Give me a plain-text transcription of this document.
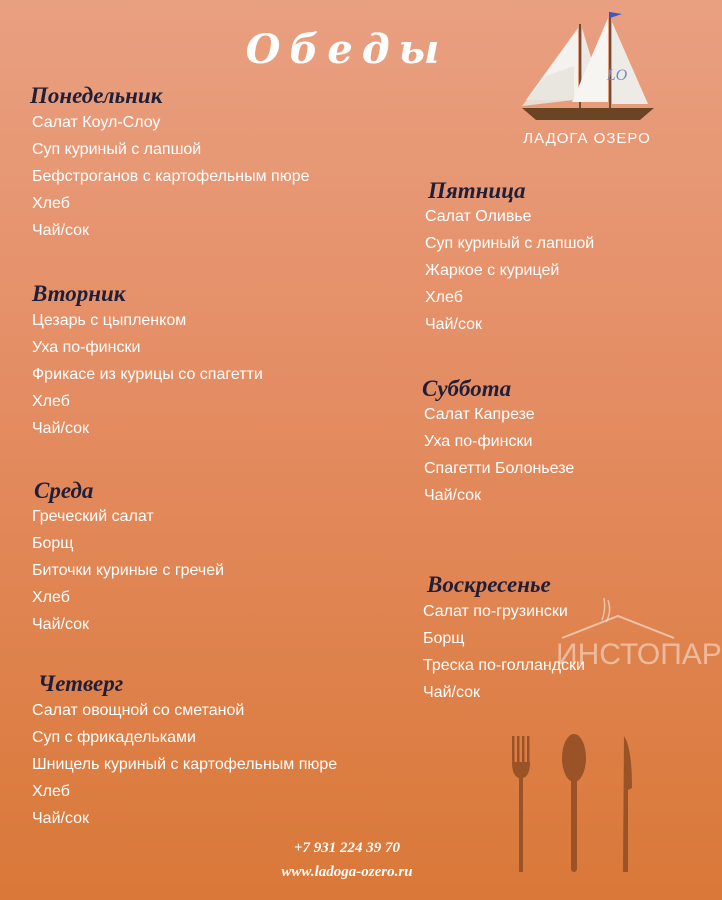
Обеды
LO
ЛАДОГА ОЗЕРО
ИНСТОПАР
Понедельник
Салат Коул-Слоу
Суп куриный с лапшой
Бефстроганов с картофельным пюре
Хлеб
Чай/сок
Вторник
Цезарь с цыпленком
Уха по-фински
Фрикасе из курицы со спагетти
Хлеб
Чай/сок
Среда
Греческий салат
Борщ
Биточки куриные с гречей
Хлеб
Чай/сок
Четверг
Салат овощной со сметаной
Суп с фрикадельками
Шницель куриный с картофельным пюре
Хлеб
Чай/сок
Пятница
Салат Оливье
Суп куриный с лапшой
Жаркое с курицей
Хлеб
Чай/сок
Суббота
Салат Капрезе
Уха по-фински
Спагетти Болоньезе
Чай/сок
Воскресенье
Салат по-грузински
Борщ
Треска по-голландски
Чай/сок
+7 931 224 39 70
www.ladoga-ozero.ru
